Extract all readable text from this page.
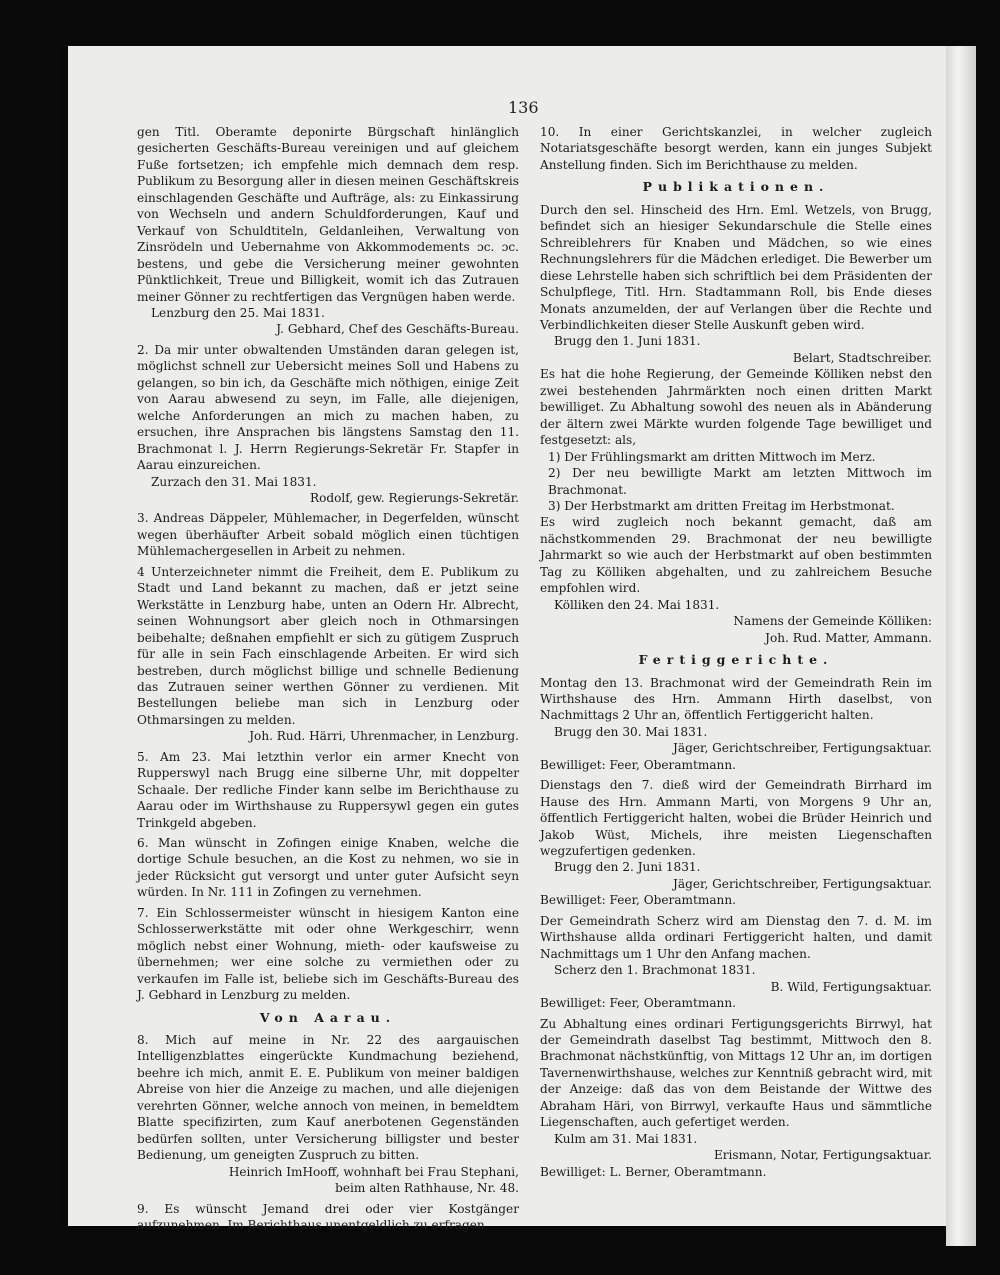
136

gen Titl. Oberamte deponirte Bürgschaft hinlänglich gesicherten Geschäfts-Bureau vereinigen und auf gleichem Fuße fortsetzen; ich empfehle mich demnach dem resp. Publikum zu Besorgung aller in diesen meinen Geschäftskreis einschlagenden Geschäfte und Aufträge, als: zu Einkassirung von Wechseln und andern Schuldforderungen, Kauf und Verkauf von Schuldtiteln, Geldanleihen, Verwaltung von Zinsrödeln und Uebernahme von Akkommodements ɔc. ɔc. bestens, und gebe die Versicherung meiner gewohnten Pünktlichkeit, Treue und Billigkeit, womit ich das Zutrauen meiner Gönner zu rechtfertigen das Vergnügen haben werde.

Lenzburg den 25. Mai 1831.

J. Gebhard, Chef des Geschäfts-Bureau.

2. Da mir unter obwaltenden Umständen daran gelegen ist, möglichst schnell zur Uebersicht meines Soll und Habens zu gelangen, so bin ich, da Geschäfte mich nöthigen, einige Zeit von Aarau abwesend zu seyn, im Falle, alle diejenigen, welche Anforderungen an mich zu machen haben, zu ersuchen, ihre Ansprachen bis längstens Samstag den 11. Brachmonat l. J. Herrn Regierungs-Sekretär Fr. Stapfer in Aarau einzureichen.

Zurzach den 31. Mai 1831.

Rodolf, gew. Regierungs-Sekretär.

3. Andreas Däppeler, Mühlemacher, in Degerfelden, wünscht wegen überhäufter Arbeit sobald möglich einen tüchtigen Mühlemachergesellen in Arbeit zu nehmen.

4 Unterzeichneter nimmt die Freiheit, dem E. Publikum zu Stadt und Land bekannt zu machen, daß er jetzt seine Werkstätte in Lenzburg habe, unten an Odern Hr. Albrecht, seinen Wohnungsort aber gleich noch in Othmarsingen beibehalte; deßnahen empfiehlt er sich zu gütigem Zuspruch für alle in sein Fach einschlagende Arbeiten. Er wird sich bestreben, durch möglichst billige und schnelle Bedienung das Zutrauen seiner werthen Gönner zu verdienen. Mit Bestellungen beliebe man sich in Lenzburg oder Othmarsingen zu melden.

Joh. Rud. Härri, Uhrenmacher, in Lenzburg.

5. Am 23. Mai letzthin verlor ein armer Knecht von Rupperswyl nach Brugg eine silberne Uhr, mit doppelter Schaale. Der redliche Finder kann selbe im Berichthause zu Aarau oder im Wirthshause zu Ruppersywl gegen ein gutes Trinkgeld abgeben.

6. Man wünscht in Zofingen einige Knaben, welche die dortige Schule besuchen, an die Kost zu nehmen, wo sie in jeder Rücksicht gut versorgt und unter guter Aufsicht seyn würden. In Nr. 111 in Zofingen zu vernehmen.

7. Ein Schlossermeister wünscht in hiesigem Kanton eine Schlosserwerkstätte mit oder ohne Werkgeschirr, wenn möglich nebst einer Wohnung, mieth- oder kaufsweise zu übernehmen; wer eine solche zu vermiethen oder zu verkaufen im Falle ist, beliebe sich im Geschäfts-Bureau des J. Gebhard in Lenzburg zu melden.

Von Aarau.

8. Mich auf meine in Nr. 22 des aargauischen Intelligenzblattes eingerückte Kundmachung beziehend, beehre ich mich, anmit E. E. Publikum von meiner baldigen Abreise von hier die Anzeige zu machen, und alle diejenigen verehrten Gönner, welche annoch von meinen, in bemeldtem Blatte specifizirten, zum Kauf anerbotenen Gegenständen bedürfen sollten, unter Versicherung billigster und bester Bedienung, um geneigten Zuspruch zu bitten.

Heinrich ImHooff, wohnhaft bei Frau Stephani,

beim alten Rathhause, Nr. 48.

9. Es wünscht Jemand drei oder vier Kostgänger aufzunehmen. Im Berichthaus unentgeldlich zu erfragen.

10. In einer Gerichtskanzlei, in welcher zugleich Notariatsgeschäfte besorgt werden, kann ein junges Subjekt Anstellung finden. Sich im Berichthause zu melden.

Publikationen.

Durch den sel. Hinscheid des Hrn. Eml. Wetzels, von Brugg, befindet sich an hiesiger Sekundarschule die Stelle eines Schreiblehrers für Knaben und Mädchen, so wie eines Rechnungslehrers für die Mädchen erlediget. Die Bewerber um diese Lehrstelle haben sich schriftlich bei dem Präsidenten der Schulpflege, Titl. Hrn. Stadtammann Roll, bis Ende dieses Monats anzumelden, der auf Verlangen über die Rechte und Verbindlichkeiten dieser Stelle Auskunft geben wird.

Brugg den 1. Juni 1831.

Belart, Stadtschreiber.

Es hat die hohe Regierung, der Gemeinde Kölliken nebst den zwei bestehenden Jahrmärkten noch einen dritten Markt bewilliget. Zu Abhaltung sowohl des neuen als in Abänderung der ältern zwei Märkte wurden folgende Tage bewilliget und festgesetzt: als,

1) Der Frühlingsmarkt am dritten Mittwoch im Merz.

2) Der neu bewilligte Markt am letzten Mittwoch im Brachmonat.

3) Der Herbstmarkt am dritten Freitag im Herbstmonat.

Es wird zugleich noch bekannt gemacht, daß am nächstkommenden 29. Brachmonat der neu bewilligte Jahrmarkt so wie auch der Herbstmarkt auf oben bestimmten Tag zu Kölliken abgehalten, und zu zahlreichem Besuche empfohlen wird.

Kölliken den 24. Mai 1831.

Namens der Gemeinde Kölliken:

Joh. Rud. Matter, Ammann.

Fertiggerichte.

Montag den 13. Brachmonat wird der Gemeindrath Rein im Wirthshause des Hrn. Ammann Hirth daselbst, von Nachmittags 2 Uhr an, öffentlich Fertiggericht halten.

Brugg den 30. Mai 1831.

Jäger, Gerichtschreiber, Fertigungsaktuar.

Bewilliget: Feer, Oberamtmann.

Dienstags den 7. dieß wird der Gemeindrath Birrhard im Hause des Hrn. Ammann Marti, von Morgens 9 Uhr an, öffentlich Fertiggericht halten, wobei die Brüder Heinrich und Jakob Wüst, Michels, ihre meisten Liegenschaften wegzufertigen gedenken.

Brugg den 2. Juni 1831.

Jäger, Gerichtschreiber, Fertigungsaktuar.

Bewilliget: Feer, Oberamtmann.

Der Gemeindrath Scherz wird am Dienstag den 7. d. M. im Wirthshause allda ordinari Fertiggericht halten, und damit Nachmittags um 1 Uhr den Anfang machen.

Scherz den 1. Brachmonat 1831.

B. Wild, Fertigungsaktuar.

Bewilliget: Feer, Oberamtmann.

Zu Abhaltung eines ordinari Fertigungsgerichts Birrwyl, hat der Gemeindrath daselbst Tag bestimmt, Mittwoch den 8. Brachmonat nächstkünftig, von Mittags 12 Uhr an, im dortigen Tavernenwirthshause, welches zur Kenntniß gebracht wird, mit der Anzeige: daß das von dem Beistande der Wittwe des Abraham Häri, von Birrwyl, verkaufte Haus und sämmtliche Liegenschaften, auch gefertiget werden.

Kulm am 31. Mai 1831.

Erismann, Notar, Fertigungsaktuar.

Bewilliget: L. Berner, Oberamtmann.
